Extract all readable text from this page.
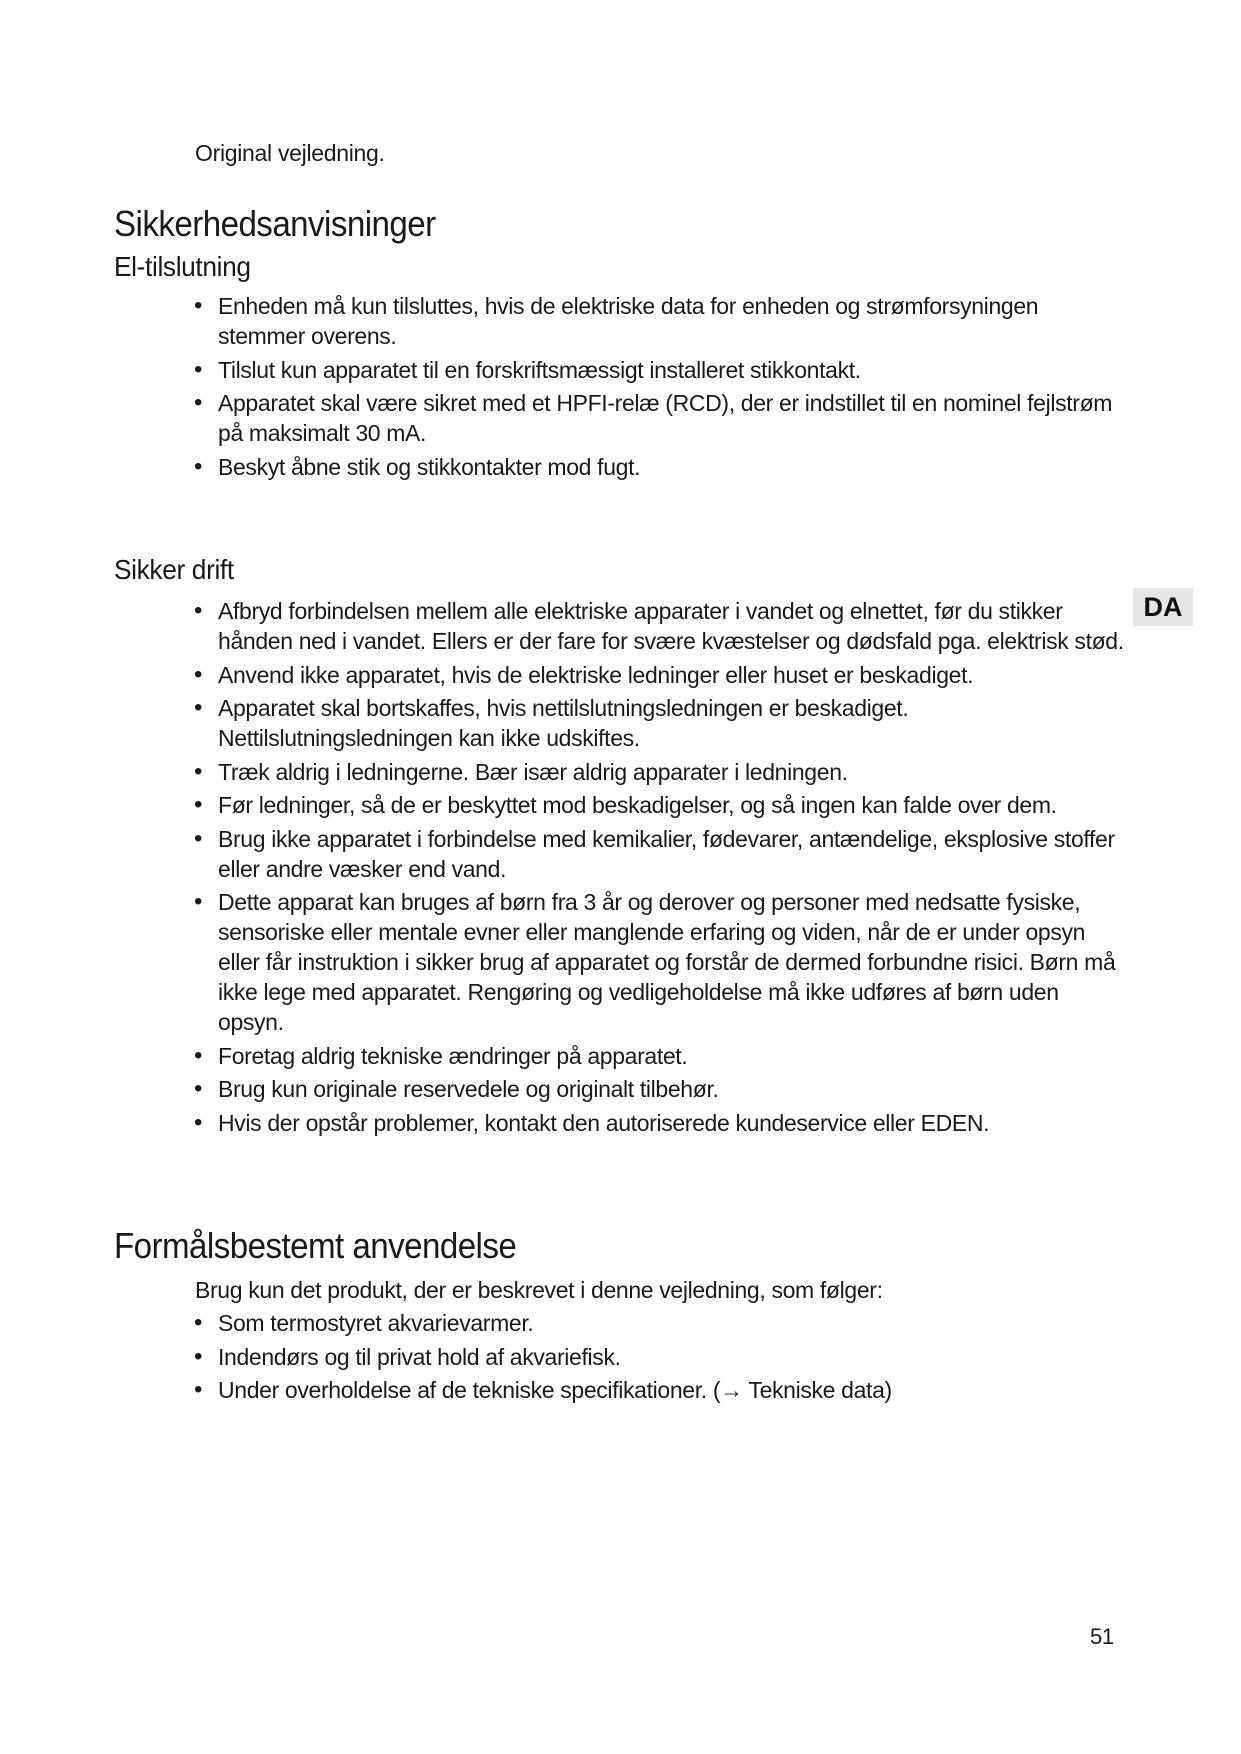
Original vejledning.
Sikkerhedsanvisninger
El-tilslutning
• Enheden må kun tilsluttes, hvis de elektriske data for enheden og strømforsyningen stemmer overens.
• Tilslut kun apparatet til en forskriftsmæssigt installeret stikkontakt.
• Apparatet skal være sikret med et HPFI-relæ (RCD), der er indstillet til en nominel fejlstrøm på maksimalt 30 mA.
• Beskyt åbne stik og stikkontakter mod fugt.
Sikker drift
• Afbryd forbindelsen mellem alle elektriske apparater i vandet og elnettet, før du stikker hånden ned i vandet. Ellers er der fare for svære kvæstelser og dødsfald pga. elektrisk stød.
• Anvend ikke apparatet, hvis de elektriske ledninger eller huset er beskadiget.
• Apparatet skal bortskaffes, hvis nettilslutningsledningen er beskadiget. Nettilslutningsledningen kan ikke udskiftes.
• Træk aldrig i ledningerne. Bær især aldrig apparater i ledningen.
• Før ledninger, så de er beskyttet mod beskadigelser, og så ingen kan falde over dem.
• Brug ikke apparatet i forbindelse med kemikalier, fødevarer, antændelige, eksplosive stoffer eller andre væsker end vand.
• Dette apparat kan bruges af børn fra 3 år og derover og personer med nedsatte fysiske, sensoriske eller mentale evner eller manglende erfaring og viden, når de er under opsyn eller får instruktion i sikker brug af apparatet og forstår de dermed forbundne risici. Børn må ikke lege med apparatet. Rengøring og vedligeholdelse må ikke udføres af børn uden opsyn.
• Foretag aldrig tekniske ændringer på apparatet.
• Brug kun originale reservedele og originalt tilbehør.
• Hvis der opstår problemer, kontakt den autoriserede kundeservice eller EDEN.
Formålsbestemt anvendelse
Brug kun det produkt, der er beskrevet i denne vejledning, som følger:
• Som termostyret akvarievarmer.
• Indendørs og til privat hold af akvariefisk.
• Under overholdelse af de tekniske specifikationer. (→ Tekniske data)
DA
51
